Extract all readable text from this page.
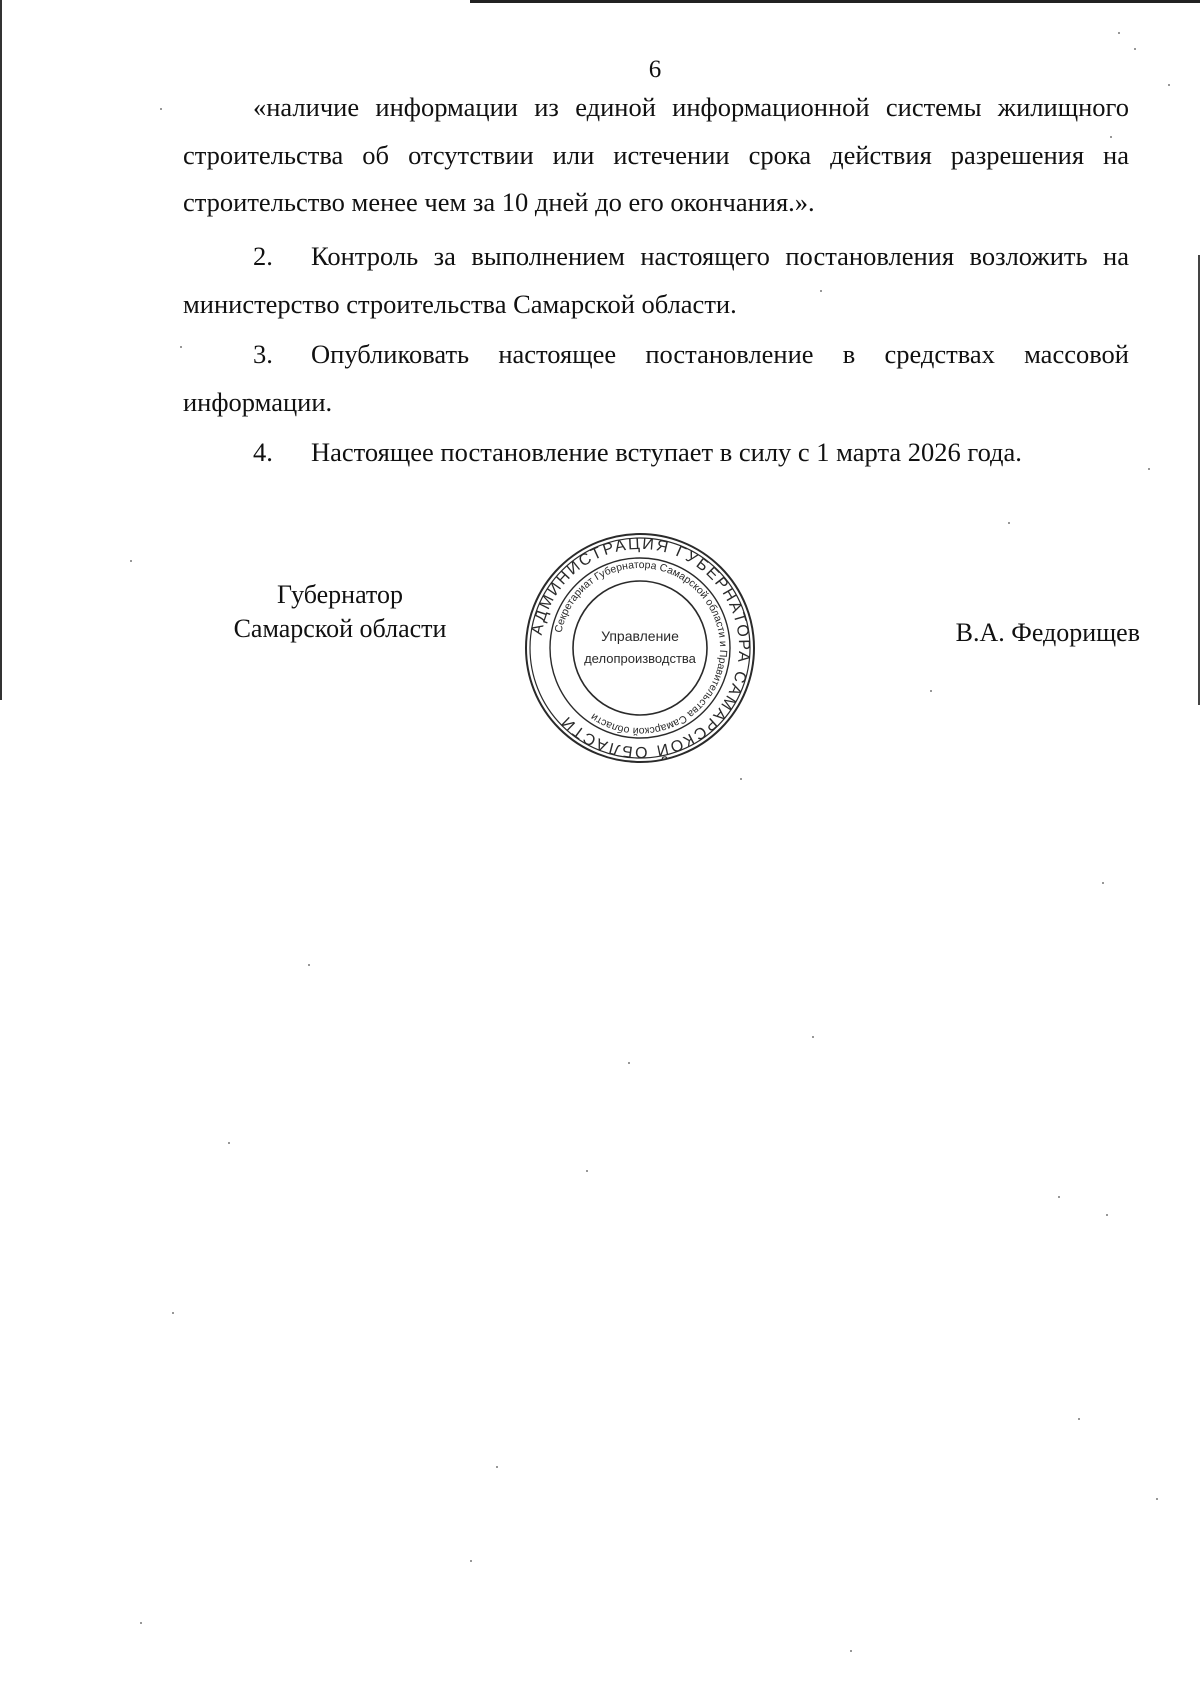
6

«наличие информации из единой информационной системы жилищного строительства об отсутствии или истечении срока действия разрешения на строительство менее чем за 10 дней до его окончания.».

2. Контроль за выполнением настоящего постановления возложить на министерство строительства Самарской области.

3. Опубликовать настоящее постановление в средствах массовой информации.

4. Настоящее постановление вступает в силу с 1 марта 2026 года.

Губернатор
Самарской области	АДМИНИСТРАЦИЯ ГУБЕРНАТОРА САМАРСКОЙ ОБЛАСТИ
Секретариат Губернатора Самарской области и Правительства Самарской области
Управление
делопроизводства
В.А. Федорищев
